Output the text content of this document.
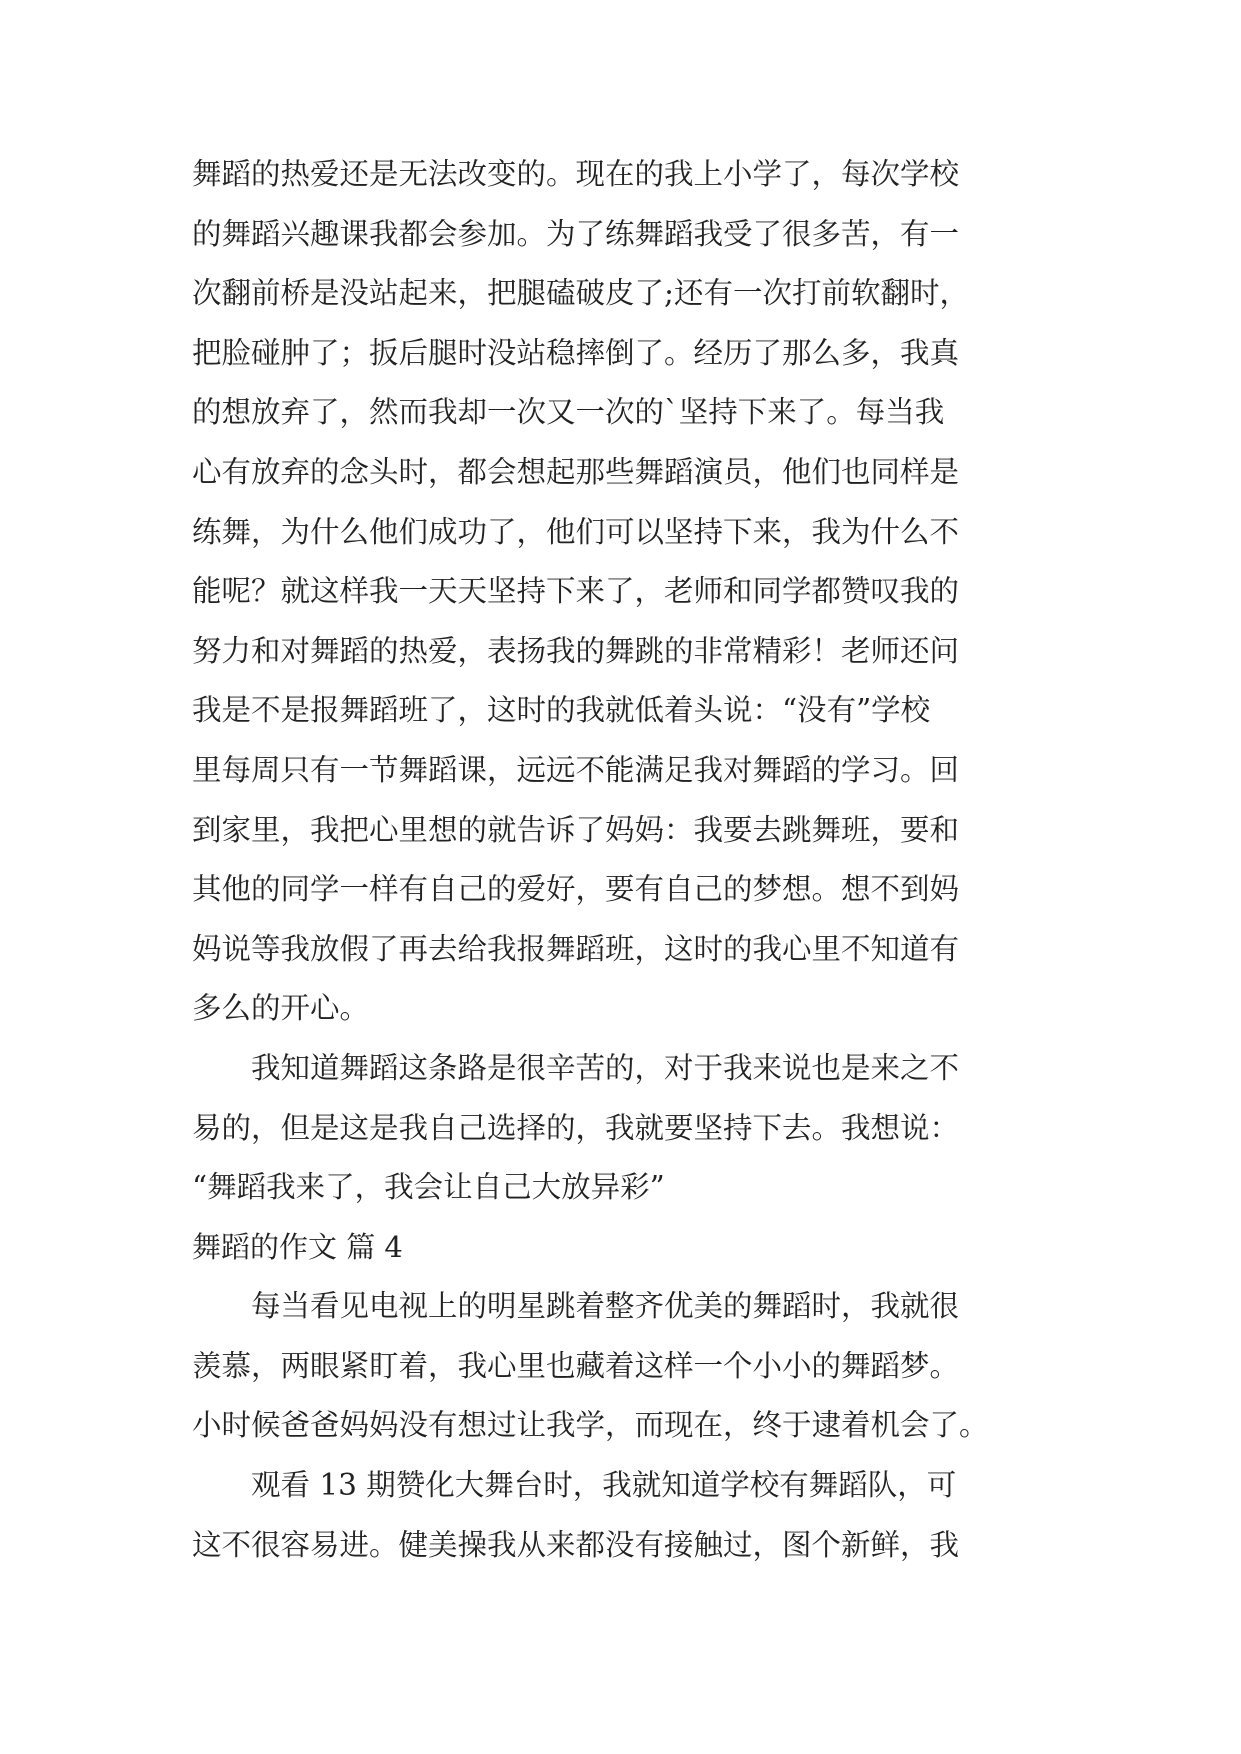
舞蹈的热爱还是无法改变的。现在的我上小学了，每次学校
的舞蹈兴趣课我都会参加。为了练舞蹈我受了很多苦，有一
次翻前桥是没站起来，把腿磕破皮了;还有一次打前软翻时，
把脸碰肿了；扳后腿时没站稳摔倒了。经历了那么多，我真
的想放弃了，然而我却一次又一次的`坚持下来了。每当我
心有放弃的念头时，都会想起那些舞蹈演员，他们也同样是
练舞，为什么他们成功了，他们可以坚持下来，我为什么不
能呢？就这样我一天天坚持下来了，老师和同学都赞叹我的
努力和对舞蹈的热爱，表扬我的舞跳的非常精彩！老师还问
我是不是报舞蹈班了，这时的我就低着头说：“没有”学校
里每周只有一节舞蹈课，远远不能满足我对舞蹈的学习。回
到家里，我把心里想的就告诉了妈妈：我要去跳舞班，要和
其他的同学一样有自己的爱好，要有自己的梦想。想不到妈
妈说等我放假了再去给我报舞蹈班，这时的我心里不知道有
多么的开心。
　　我知道舞蹈这条路是很辛苦的，对于我来说也是来之不
易的，但是这是我自己选择的，我就要坚持下去。我想说：
“舞蹈我来了，我会让自己大放异彩”
舞蹈的作文 篇 4
　　每当看见电视上的明星跳着整齐优美的舞蹈时，我就很
羡慕，两眼紧盯着，我心里也藏着这样一个小小的舞蹈梦。
小时候爸爸妈妈没有想过让我学，而现在，终于逮着机会了。
　　观看 13 期赞化大舞台时，我就知道学校有舞蹈队，可
这不很容易进。健美操我从来都没有接触过，图个新鲜，我
